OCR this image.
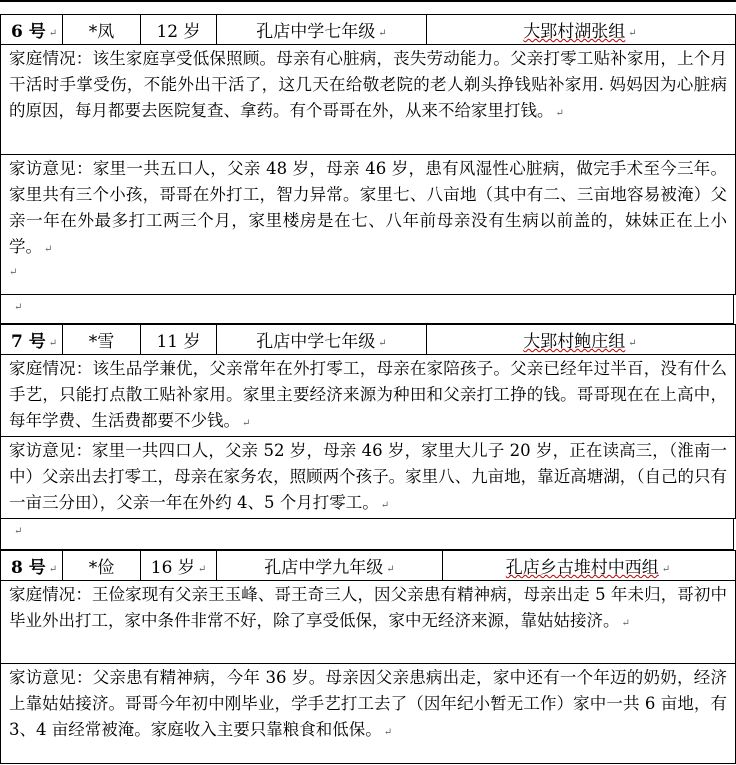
6 号 ↵ *凤 12 岁	孔店中学七年级 ↵	大郢村湖张组 ↵
家庭情况：该生家庭享受低保照顾。母亲有心脏病，丧失劳动能力。父亲打零工贴补家用，上个月干活时手掌受伤，不能外出干活了，这几天在给敬老院的老人剃头挣钱贴补家用. 妈妈因为心脏病的原因，每月都要去医院复查、拿药。有个哥哥在外，从来不给家里打钱。 ↵
家访意见：家里一共五口人，父亲 48 岁，母亲 46 岁，患有风湿性心脏病，做完手术至今三年。家里共有三个小孩，哥哥在外打工，智力异常。家里七、八亩地（其中有二、三亩地容易被淹）父亲一年在外最多打工两三个月，家里楼房是在七、八年前母亲没有生病以前盖的，妹妹正在上小学。 ↵
↵
↵
7 号 ↵ *雪 11 岁	孔店中学七年级 ↵	大郢村鲍庄组 ↵
家庭情况：该生品学兼优，父亲常年在外打零工，母亲在家陪孩子。父亲已经年过半百，没有什么手艺，只能打点散工贴补家用。家里主要经济来源为种田和父亲打工挣的钱。哥哥现在在上高中，每年学费、生活费都要不少钱。 ↵
家访意见：家里一共四口人，父亲 52 岁，母亲 46 岁，家里大儿子 20 岁，正在读高三，（淮南一中）父亲出去打零工，母亲在家务农，照顾两个孩子。家里八、九亩地，靠近高塘湖，（自己的只有一亩三分田），父亲一年在外约 4、5 个月打零工。 ↵
↵
8 号 ↵ *俭 16 岁 ↵	孔店中学九年级 ↵	孔店乡古堆村中西组 ↵
家庭情况：王俭家现有父亲王玉峰、哥王奇三人，因父亲患有精神病，母亲出走 5 年未归，哥初中毕业外出打工，家中条件非常不好，除了享受低保，家中无经济来源，靠姑姑接济。 ↵
家访意见：父亲患有精神病，今年 36 岁。母亲因父亲患病出走，家中还有一个年迈的奶奶，经济上靠姑姑接济。哥哥今年初中刚毕业，学手艺打工去了（因年纪小暂无工作）家中一共 6 亩地，有 3、4 亩经常被淹。家庭收入主要只靠粮食和低保。 ↵
